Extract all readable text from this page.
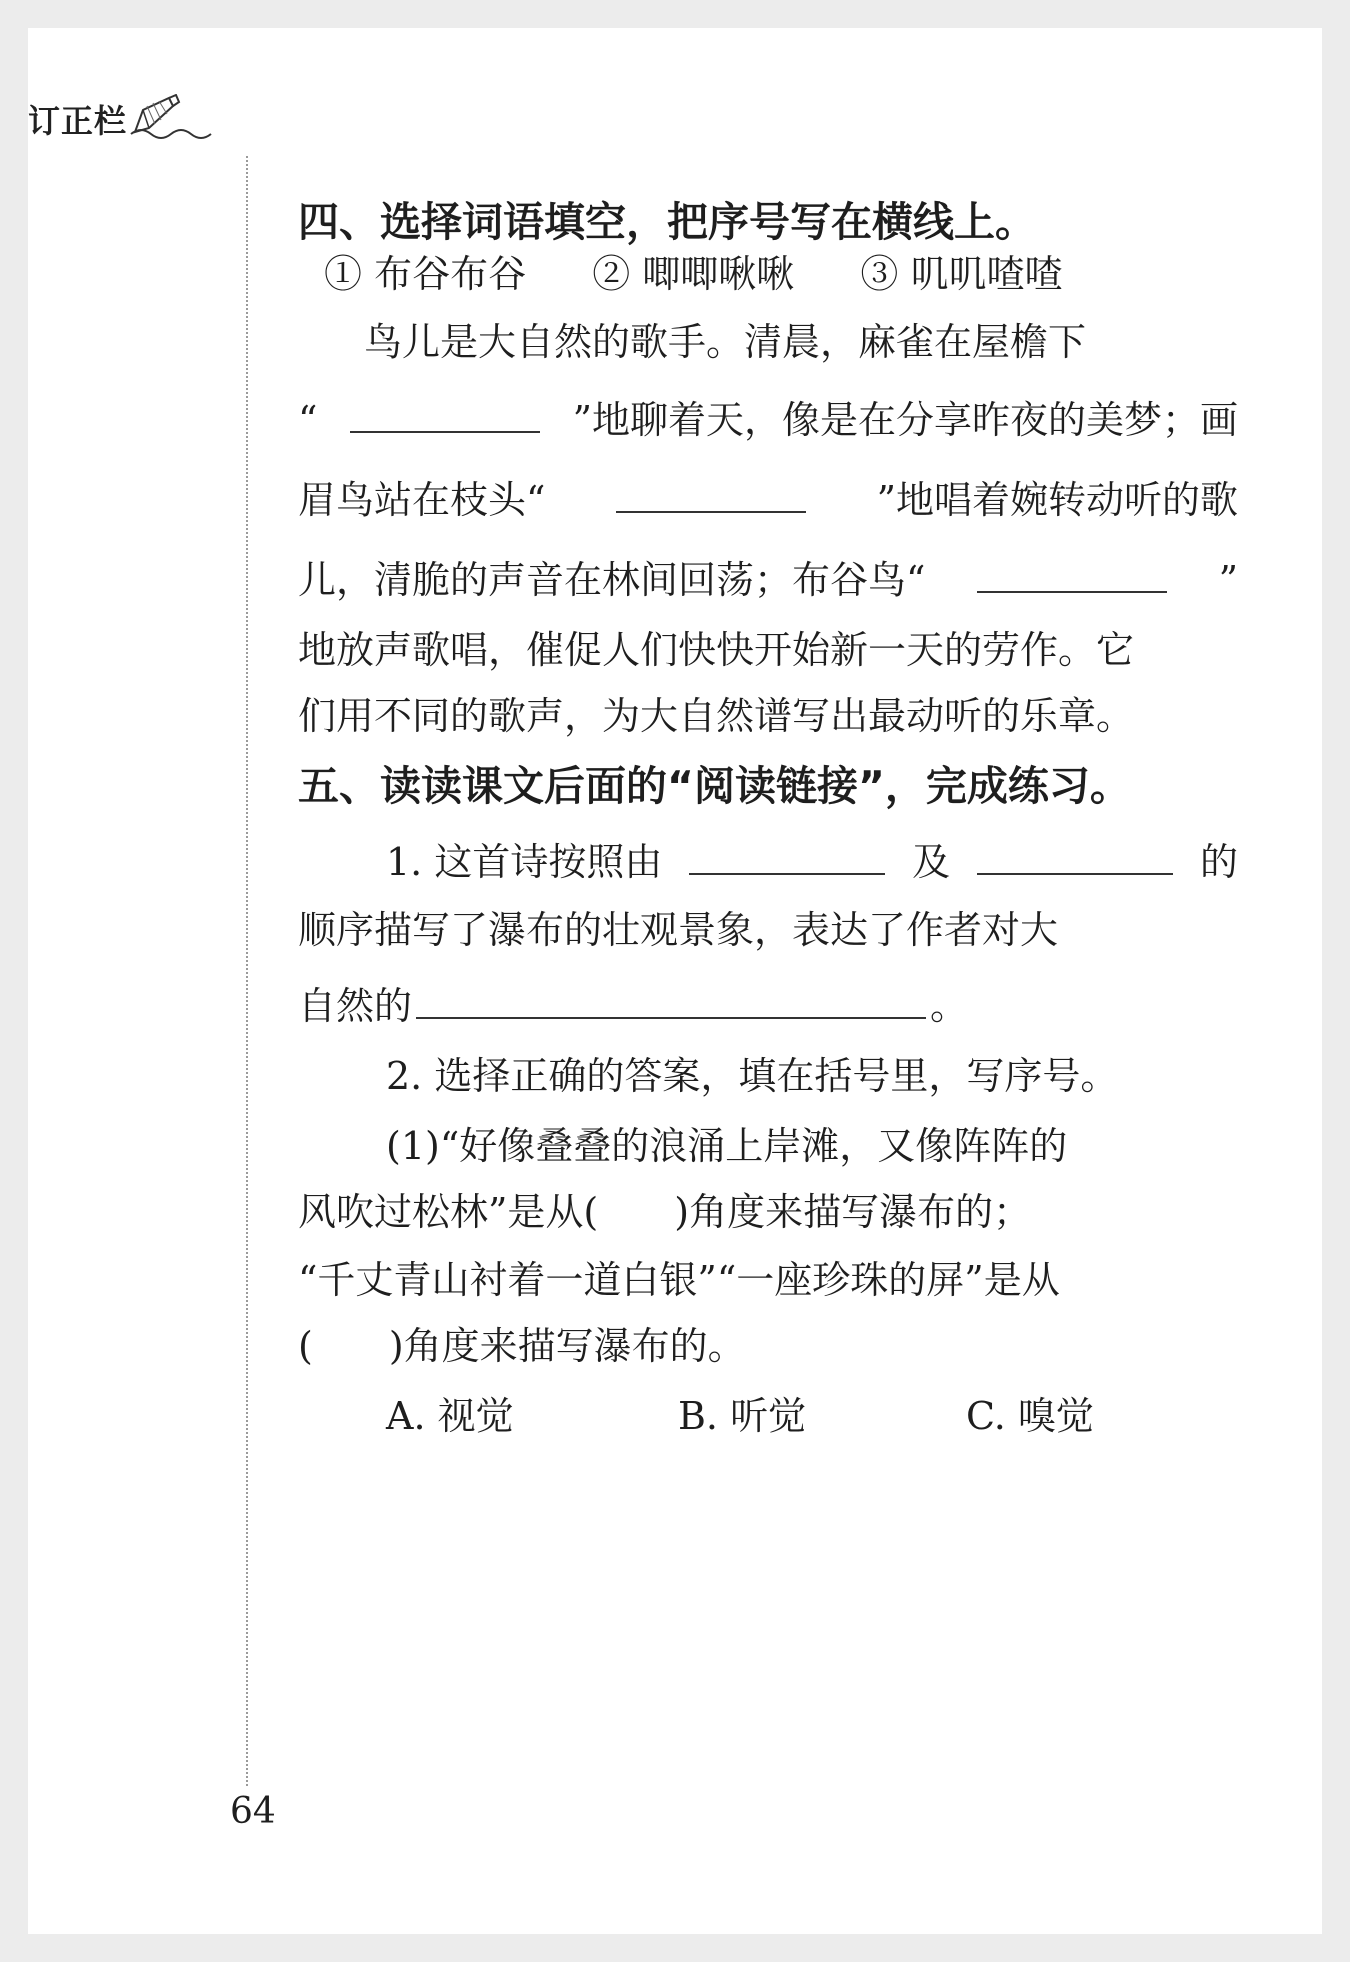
订正栏
四、选择词语填空，把序号写在横线上。
① 布谷布谷 ② 唧唧啾啾 ③ 叽叽喳喳
鸟儿是大自然的歌手。清晨，麻雀在屋檐下
“	”地聊着天，像是在分享昨夜的美梦；画
眉鸟站在枝头“	”地唱着婉转动听的歌
儿，清脆的声音在林间回荡；布谷鸟“	”
地放声歌唱，催促人们快快开始新一天的劳作。它
们用不同的歌声，为大自然谱写出最动听的乐章。
五、读读课文后面的“阅读链接”，完成练习。
1. 这首诗按照由	及	的
顺序描写了瀑布的壮观景象，表达了作者对大
自然的	。
2. 选择正确的答案，填在括号里，写序号。
(1)“好像叠叠的浪涌上岸滩，又像阵阵的
风吹过松林”是从(　　)角度来描写瀑布的；
“千丈青山衬着一道白银”“一座珍珠的屏”是从
(　　)角度来描写瀑布的。
A. 视觉	B. 听觉	C. 嗅觉
64
